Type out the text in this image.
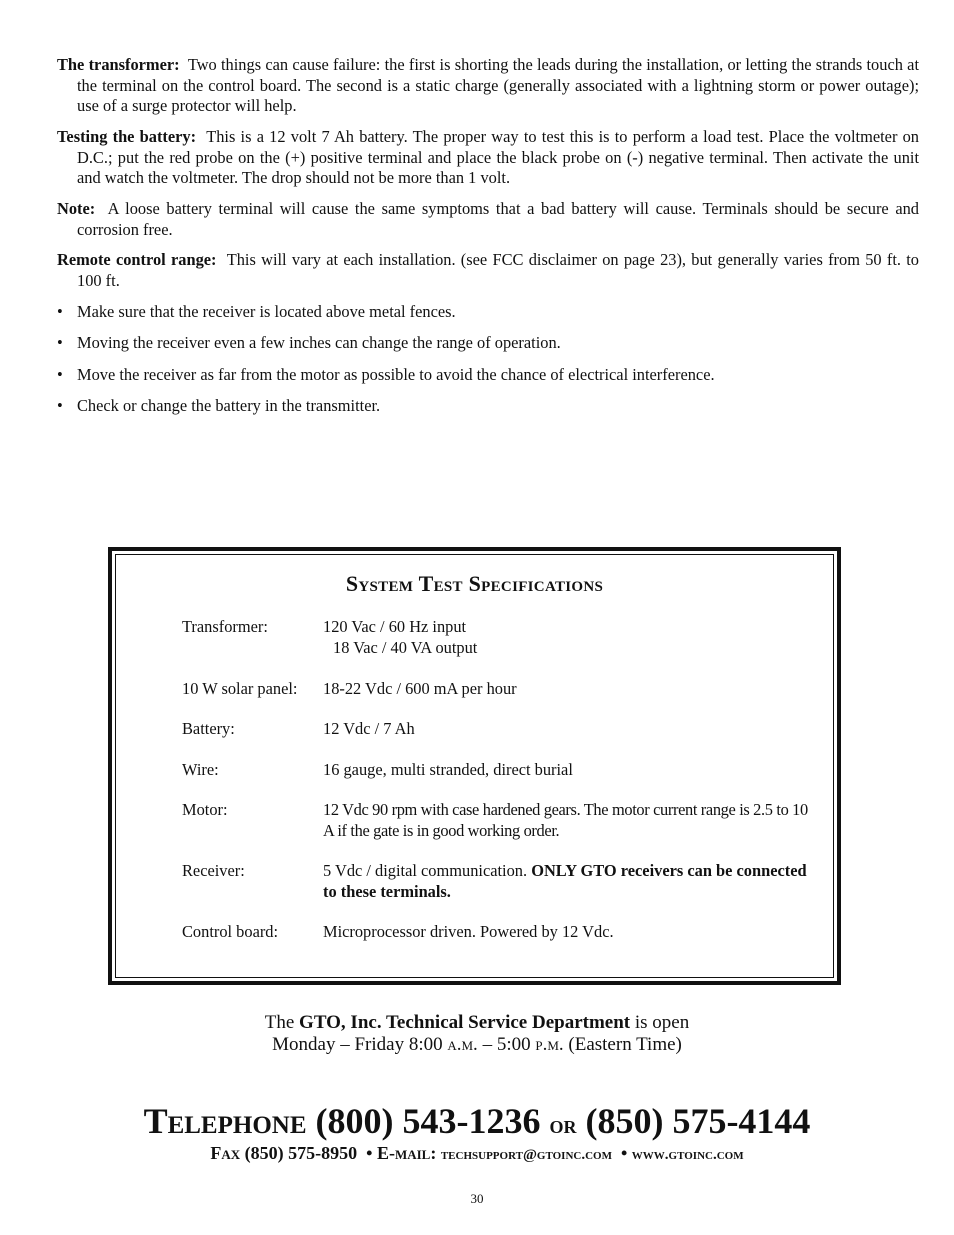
The transformer: Two things can cause failure: the first is shorting the leads during the installation, or letting the strands touch at the terminal on the control board. The second is a static charge (generally associated with a lightning storm or power outage); use of a surge protector will help.
Testing the battery: This is a 12 volt 7 Ah battery. The proper way to test this is to perform a load test. Place the voltmeter on D.C.; put the red probe on the (+) positive terminal and place the black probe on (-) negative terminal. Then activate the unit and watch the voltmeter. The drop should not be more than 1 volt.
Note: A loose battery terminal will cause the same symptoms that a bad battery will cause. Terminals should be secure and corrosion free.
Remote control range: This will vary at each installation. (see FCC disclaimer on page 23), but generally varies from 50 ft. to 100 ft.
• Make sure that the receiver is located above metal fences.
• Moving the receiver even a few inches can change the range of operation.
• Move the receiver as far from the motor as possible to avoid the chance of electrical interference.
• Check or change the battery in the transmitter.
System Test Specifications
Transformer:	120 Vac / 60 Hz input
18 Vac / 40 VA output
10 W solar panel: 18-22 Vdc / 600 mA per hour
Battery:	12 Vdc / 7 Ah
Wire:	16 gauge, multi stranded, direct burial
Motor:	12 Vdc 90 rpm with case hardened gears. The motor current range is 2.5 to 10 A if the gate is in good working order.
Receiver:	5 Vdc / digital communication. ONLY GTO receivers can be connected to these terminals.
Control board:	Microprocessor driven. Powered by 12 Vdc.
The GTO, Inc. Technical Service Department is open
Monday – Friday 8:00 a.m. – 5:00 p.m. (Eastern Time)
Telephone (800) 543-1236 or (850) 575-4144
Fax (850) 575-8950 • E-mail: techsupport@gtoinc.com • www.gtoinc.com
30
